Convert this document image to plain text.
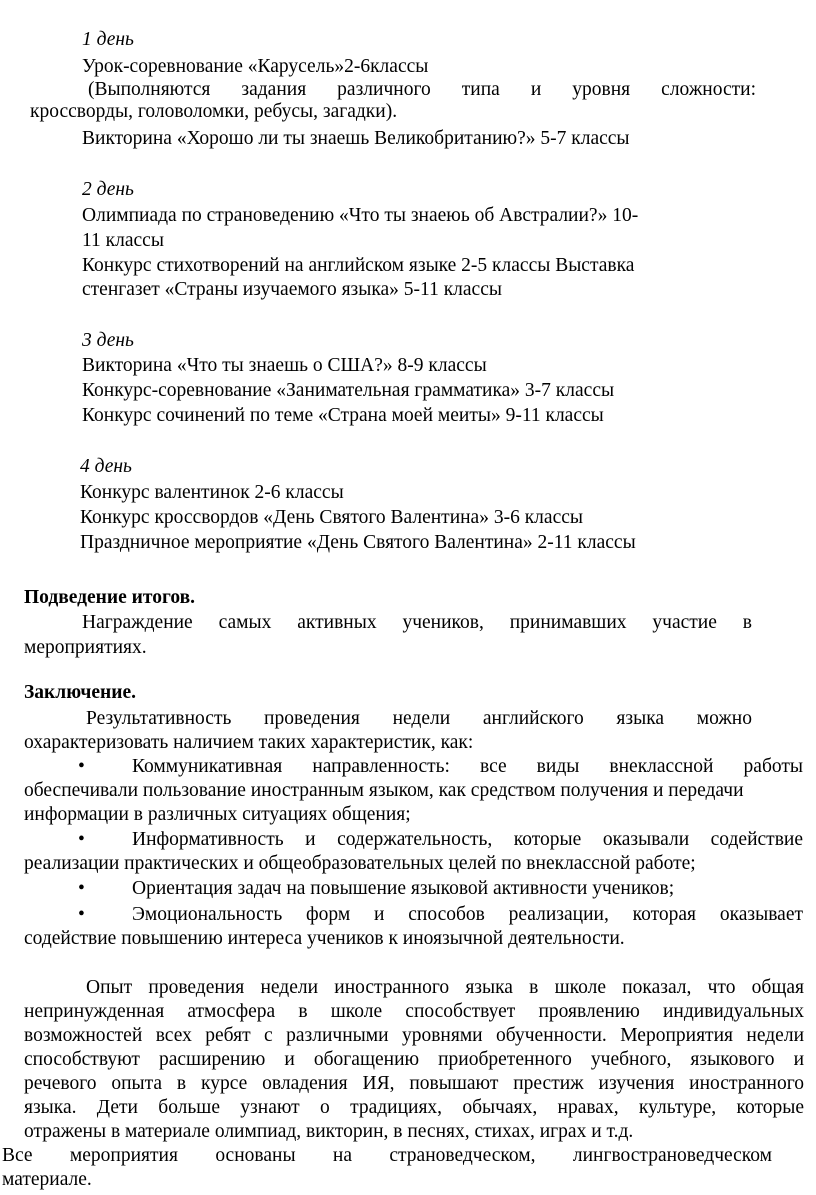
1 день
Урок-соревнование «Карусель»2-6классы
(Выполняются задания различного типа и уровня сложности:
кроссворды, головоломки, ребусы, загадки).
Викторина «Хорошо ли ты знаешь Великобританию?» 5-7 классы
2 день
Олимпиада по страноведению «Что ты знаеюь об Австралии?» 10-
11 классы
Конкурс стихотворений на английском языке 2-5 классы Выставка
стенгазет «Страны изучаемого языка» 5-11 классы
3 день
Викторина «Что ты знаешь о США?» 8-9 классы
Конкурс-соревнование «Занимательная грамматика» 3-7 классы
Конкурс сочинений по теме «Страна моей меиты» 9-11 классы
4 день
Конкурс валентинок 2-6 классы
Конкурс кроссвордов «День Святого Валентина» 3-6 классы
Праздничное мероприятие «День Святого Валентина» 2-11 классы
Подведение итогов.
Награждение самых активных учеников, принимавших участие в
мероприятиях.
Заключение.
Результативность проведения недели английского языка можно
охарактеризовать наличием таких характеристик, как:
• Коммуникативная направленность: все виды внеклассной работы
обеспечивали пользование иностранным языком, как средством получения и передачи
информации в различных ситуациях общения;
• Информативность и содержательность, которые оказывали содействие
реализации практических и общеобразовательных целей по внеклассной работе;
• Ориентация задач на повышение языковой активности учеников;
• Эмоциональность форм и способов реализации, которая оказывает
содействие повышению интереса учеников к иноязычной деятельности.
Опыт проведения недели иностранного языка в школе показал, что общая
непринужденная атмосфера в школе способствует проявлению индивидуальных
возможностей всех ребят с различными уровнями обученности. Мероприятия недели
способствуют расширению и обогащению приобретенного учебного, языкового и
речевого опыта в курсе овладения ИЯ, повышают престиж изучения иностранного
языка. Дети больше узнают о традициях, обычаях, нравах, культуре, которые
отражены в материале олимпиад, викторин, в песнях, стихах, играх и т.д.
Все мероприятия основаны на страноведческом, лингвострановедческом
материале.
